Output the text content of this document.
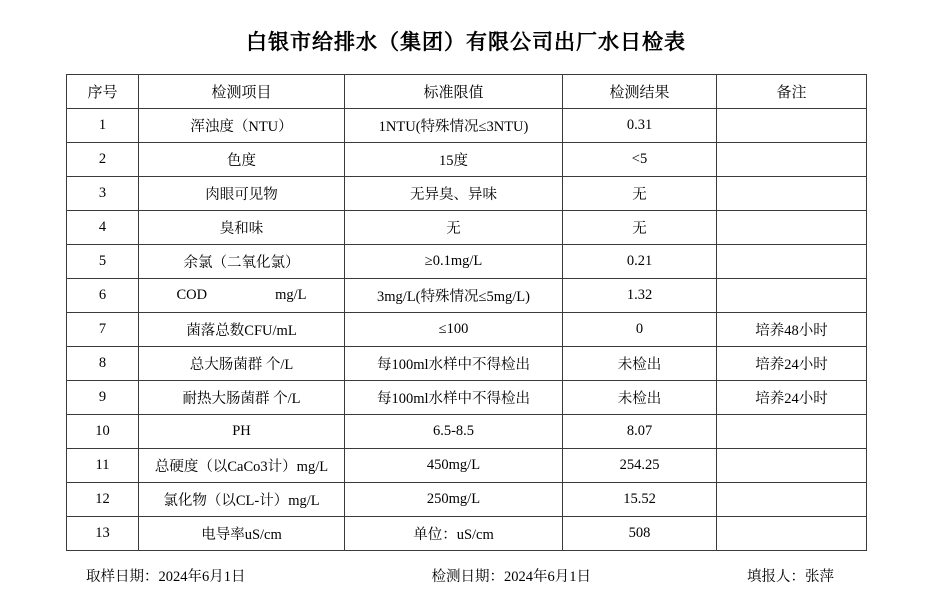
白银市给排水（集团）有限公司出厂水日检表
序号	检测项目	标准限值	检测结果	备注
1	浑浊度（NTU）	1NTU(特殊情况≤3NTU)	0.31	
2	色度	15度	<5	
3	肉眼可见物	无异臭、异味	无	
4	臭和味	无	无	
5	余氯（二氧化氯）	≥0.1mg/L	0.21	
6	COD mg/L	3mg/L(特殊情况≤5mg/L)	1.32	
7	菌落总数CFU/mL	≤100	0	培养48小时
8	总大肠菌群 个/L	每100ml水样中不得检出	未检出	培养24小时
9	耐热大肠菌群 个/L	每100ml水样中不得检出	未检出	培养24小时
10	PH	6.5-8.5	8.07	
11	总硬度（以CaCo3计）mg/L	450mg/L	254.25	
12	氯化物（以CL-计）mg/L	250mg/L	15.52	
13	电导率uS/cm	单位：uS/cm	508	
取样日期：2024年6月1日	检测日期：2024年6月1日	填报人：张萍
